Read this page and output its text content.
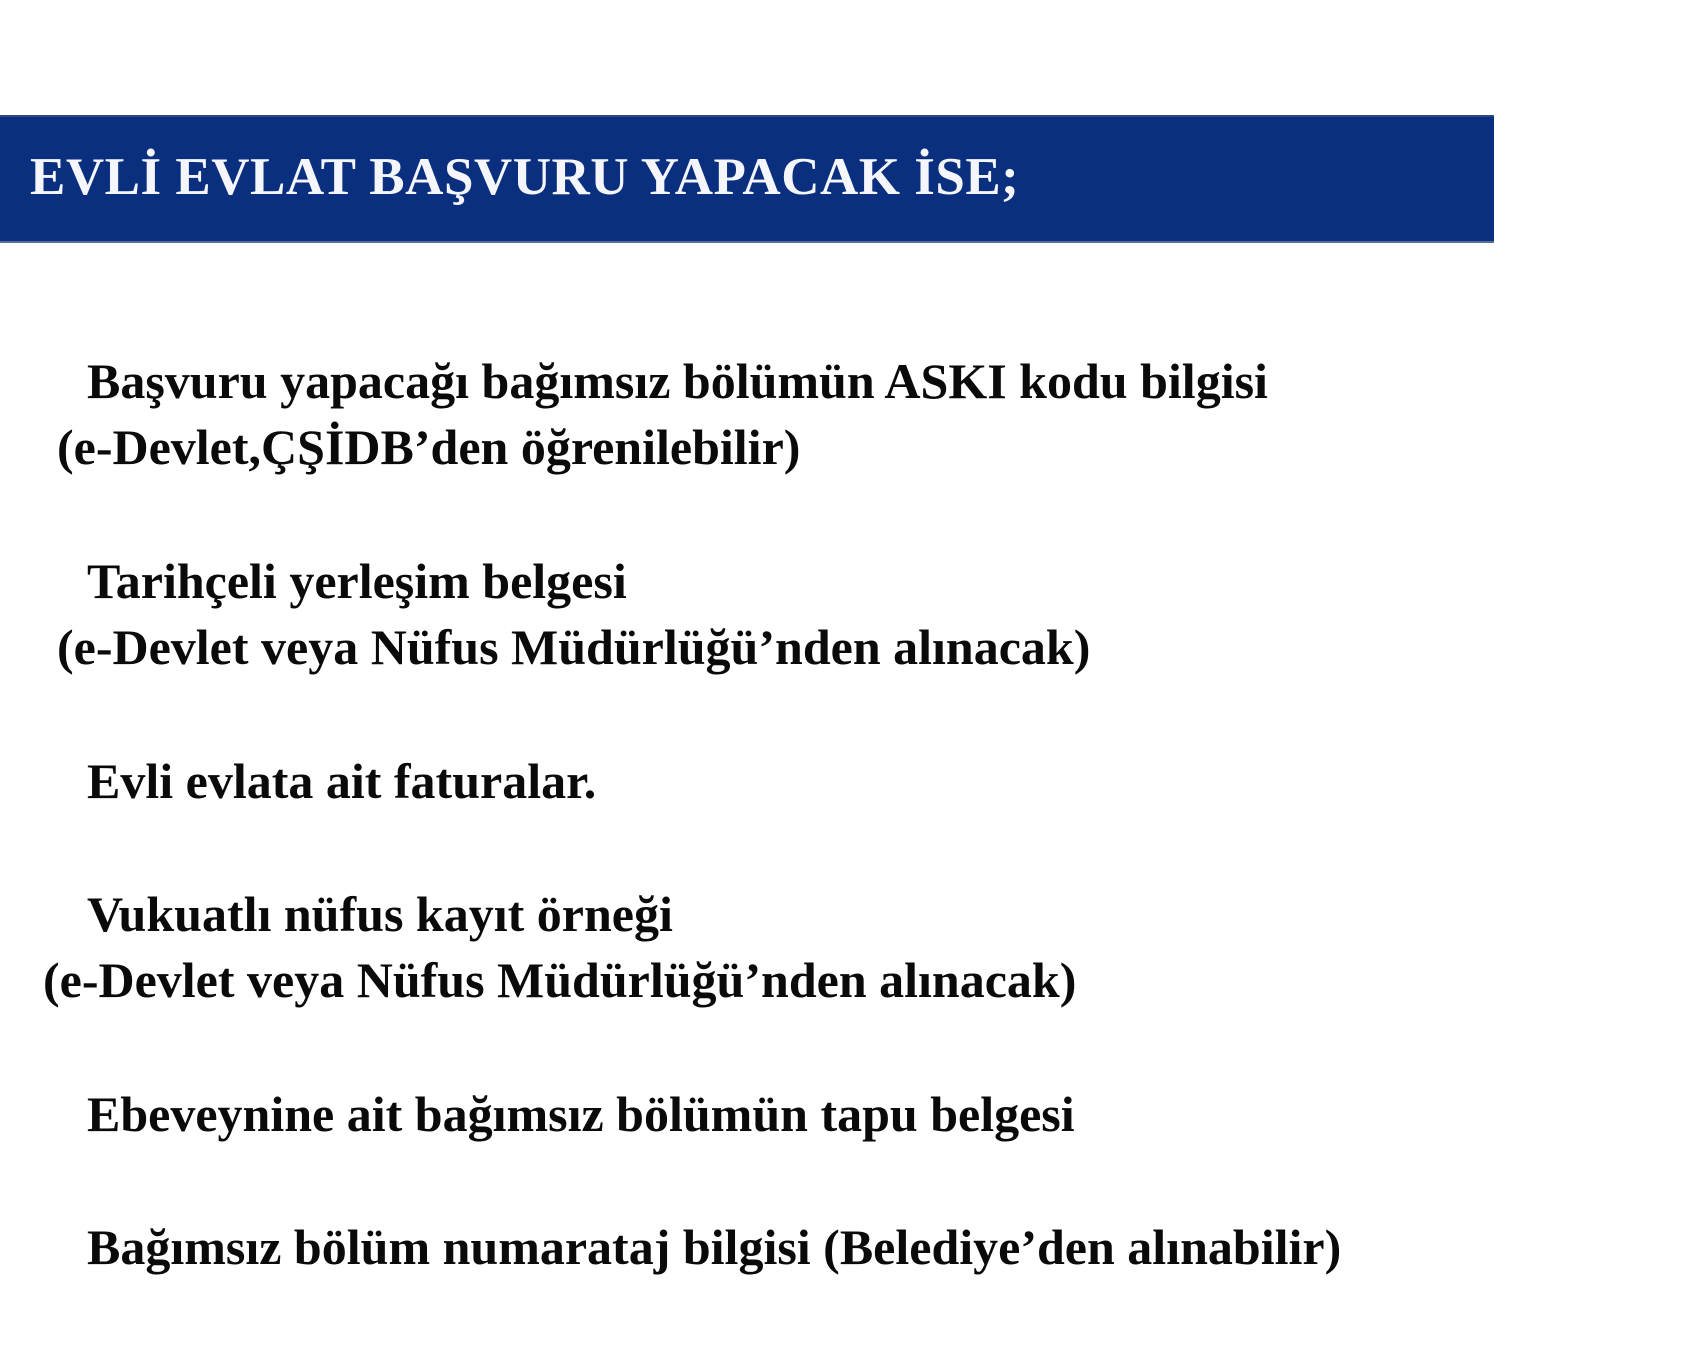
EVLİ EVLAT BAŞVURU YAPACAK İSE;
Başvuru yapacağı bağımsız bölümün ASKI kodu bilgisi
(e-Devlet,ÇŞİDB’den öğrenilebilir)
Tarihçeli yerleşim belgesi
(e-Devlet veya Nüfus Müdürlüğü’nden alınacak)
Evli evlata ait faturalar.
Vukuatlı nüfus kayıt örneği
(e-Devlet veya Nüfus Müdürlüğü’nden alınacak)
Ebeveynine ait bağımsız bölümün tapu belgesi
Bağımsız bölüm numarataj bilgisi (Belediye’den alınabilir)
